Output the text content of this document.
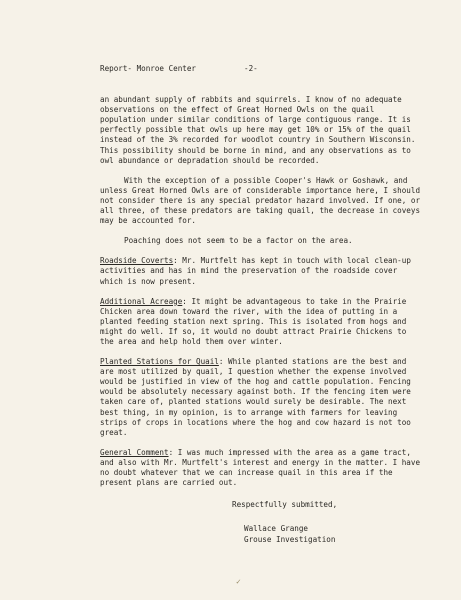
Report- Monroe Center	-2-

an abundant supply of rabbits and squirrels. I know of no adequate observations on the effect of Great Horned Owls on the quail population under similar conditions of large contiguous range. It is perfectly possible that owls up here may get 10% or 15% of the quail instead of the 3% recorded for woodlot country in Southern Wisconsin. This possibility should be borne in mind, and any observations as to owl abundance or depradation should be recorded.

With the exception of a possible Cooper's Hawk or Goshawk, and unless Great Horned Owls are of considerable importance here, I should not consider there is any special predator hazard involved. If one, or all three, of these predators are taking quail, the decrease in coveys may be accounted for.

Poaching does not seem to be a factor on the area.

Roadside Coverts: Mr. Murtfelt has kept in touch with local clean-up activities and has in mind the preservation of the roadside cover which is now present.

Additional Acreage: It might be advantageous to take in the Prairie Chicken area down toward the river, with the idea of putting in a planted feeding station next spring. This is isolated from hogs and might do well. If so, it would no doubt attract Prairie Chickens to the area and help hold them over winter.

Planted Stations for Quail: While planted stations are the best and are most utilized by quail, I question whether the expense involved would be justified in view of the hog and cattle population. Fencing would be absolutely necessary against both. If the fencing item were taken care of, planted stations would surely be desirable. The next best thing, in my opinion, is to arrange with farmers for leaving strips of crops in locations where the hog and cow hazard is not too great.

General Comment: I was much impressed with the area as a game tract, and also with Mr. Murtfelt's interest and energy in the matter. I have no doubt whatever that we can increase quail in this area if the present plans are carried out.

Respectfully submitted,
Wallace Grange
Grouse Investigation
✓
